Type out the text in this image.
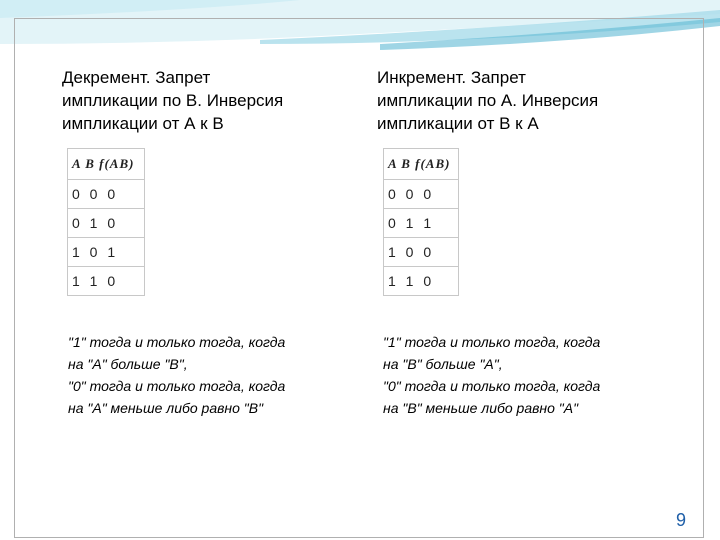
Декремент. Запрет
импликации по В. Инверсия
импликации от А к В
Инкремент. Запрет
импликации по А. Инверсия
импликации от В к А
A B f(AB)
0 0 0
0 1 0
1 0 1
1 1 0
A B f(AB)
0 0 0
0 1 1
1 0 0
1 1 0
"1" тогда и только тогда, когда
на "А" больше "В",
"0" тогда и только тогда, когда
на "А" меньше либо равно "В"
"1" тогда и только тогда, когда
на "В" больше "А",
"0" тогда и только тогда, когда
на "В" меньше либо равно "А"
9
